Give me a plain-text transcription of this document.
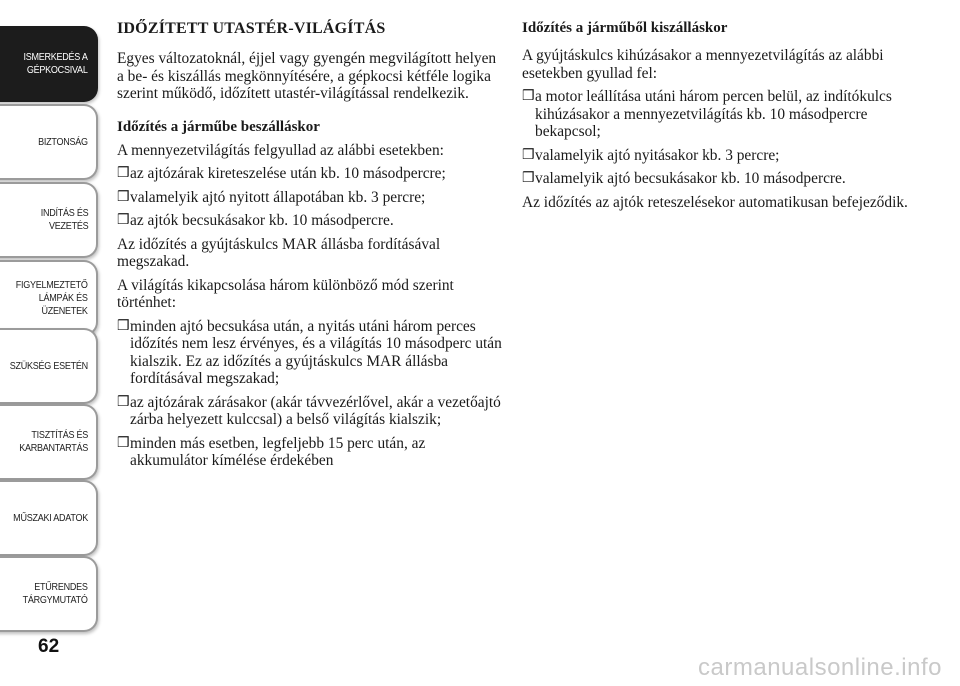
ISMERKEDÉS A
GÉPKOCSIVAL
BIZTONSÁG
INDÍTÁS ÉS
VEZETÉS
FIGYELMEZTETŐ
LÁMPÁK ÉS
ÜZENETEK
SZÜKSÉG ESETÉN
TISZTÍTÁS ÉS
KARBANTARTÁS
MŰSZAKI ADATOK
ETŰRENDES
TÁRGYMUTATÓ
62
IDŐZÍTETT UTASTÉR-VILÁGÍTÁS

Egyes változatoknál, éjjel vagy gyengén megvilágított helyen a be- és kiszállás megkönnyítésére, a gépkocsi kétféle logika szerint működő, időzített utastér-világítással rendelkezik.

Időzítés a járműbe beszálláskor

A mennyezetvilágítás felgyullad az alábbi esetekben:

❒ az ajtózárak kireteszelése után kb. 10 másodpercre;
❒ valamelyik ajtó nyitott állapotában kb. 3 percre;
❒ az ajtók becsukásakor kb. 10 másodpercre.

Az időzítés a gyújtáskulcs MAR állásba fordításával megszakad.

A világítás kikapcsolása három különböző mód szerint történhet:

❒ minden ajtó becsukása után, a nyitás utáni három perces időzítés nem lesz érvényes, és a világítás 10 másodperc után kialszik. Ez az időzítés a gyújtáskulcs MAR állásba fordításával megszakad;
❒ az ajtózárak zárásakor (akár távvezérlővel, akár a vezetőajtó zárba helyezett kulccsal) a belső világítás kialszik;
❒ minden más esetben, legfeljebb 15 perc után, az akkumulátor kímélése érdekében
Időzítés a járműből kiszálláskor

A gyújtáskulcs kihúzásakor a mennyezetvilágítás az alábbi esetekben gyullad fel:

❒ a motor leállítása utáni három percen belül, az indítókulcs kihúzásakor a mennyezetvilágítás kb. 10 másodpercre bekapcsol;
❒ valamelyik ajtó nyitásakor kb. 3 percre;
❒ valamelyik ajtó becsukásakor kb. 10 másodpercre.

Az időzítés az ajtók reteszelésekor automatikusan befejeződik.

carmanualsonline.info
